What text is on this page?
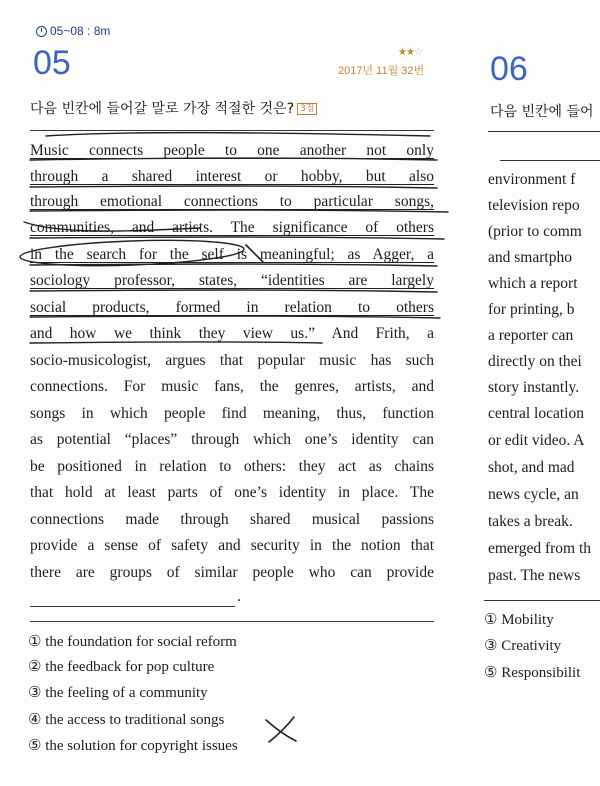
05~08 : 8m
05	★★☆
2017년 11월 32번
다음 빈칸에 들어갈 말로 가장 적절한 것은? 3점
Music connects people to one another not only
through a shared interest or hobby, but also
through emotional connections to particular songs,
communities, and artists. The significance of others
in the search for the self is meaningful; as Agger, a
sociology professor, states, “identities are largely
social products, formed in relation to others
and how we think they view us.” And Frith, a
socio-musicologist, argues that popular music has such
connections. For music fans, the genres, artists, and
songs in which people find meaning, thus, function
as potential “places” through which one’s identity can
be positioned in relation to others: they act as chains
that hold at least parts of one’s identity in place. The
connections made through shared musical passions
provide a sense of safety and security in the notion that
there are groups of similar people who can provide
.
① the foundation for social reform
② the feedback for pop culture
③ the feeling of a community
④ the access to traditional songs
⑤ the solution for copyright issues
06
다음 빈칸에 들어
environment f
television repo
(prior to comm
and smartpho
which a report
for printing, b
a reporter can
directly on thei
story instantly.
central location
or edit video. A
shot, and mad
news cycle, an
takes a break.
emerged from th
past. The news
① Mobility
③ Creativity
⑤ Responsibilit
